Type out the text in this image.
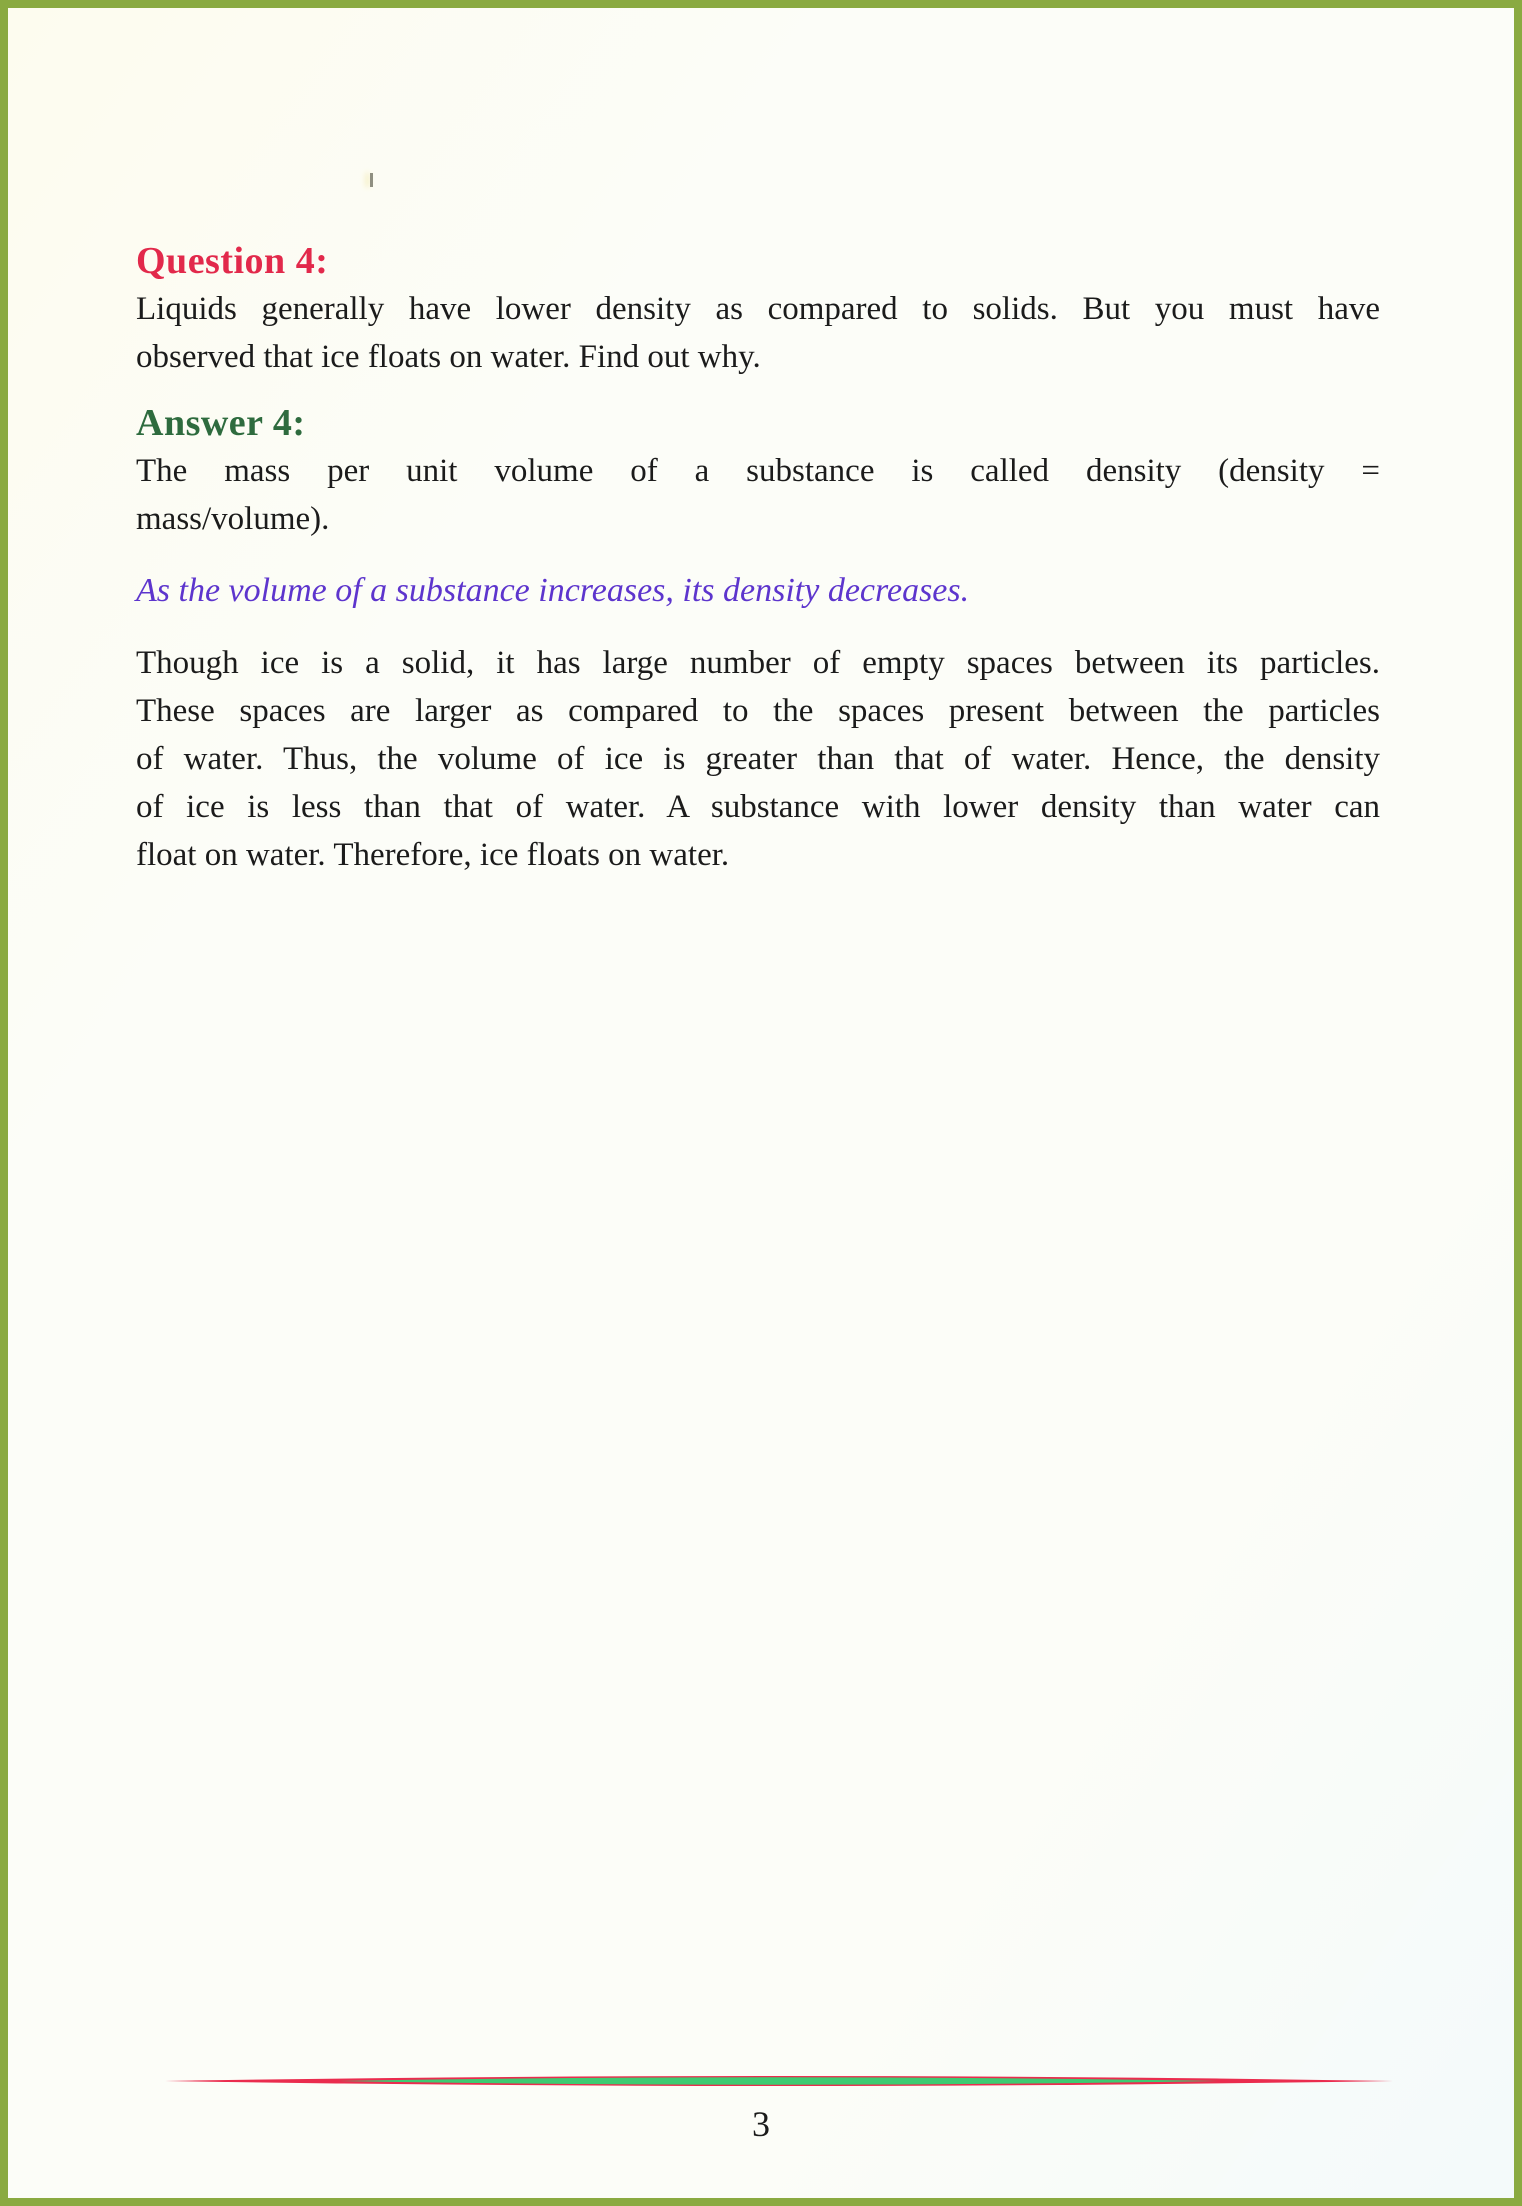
Question 4:

Liquids generally have lower density as compared to solids. But you must have

observed that ice floats on water. Find out why.

Answer 4:

The mass per unit volume of a substance is called density (density =

mass/volume).

As the volume of a substance increases, its density decreases.

Though ice is a solid, it has large number of empty spaces between its particles.

These spaces are larger as compared to the spaces present between the particles

of water. Thus, the volume of ice is greater than that of water. Hence, the density

of ice is less than that of water. A substance with lower density than water can

float on water. Therefore, ice floats on water.

3
